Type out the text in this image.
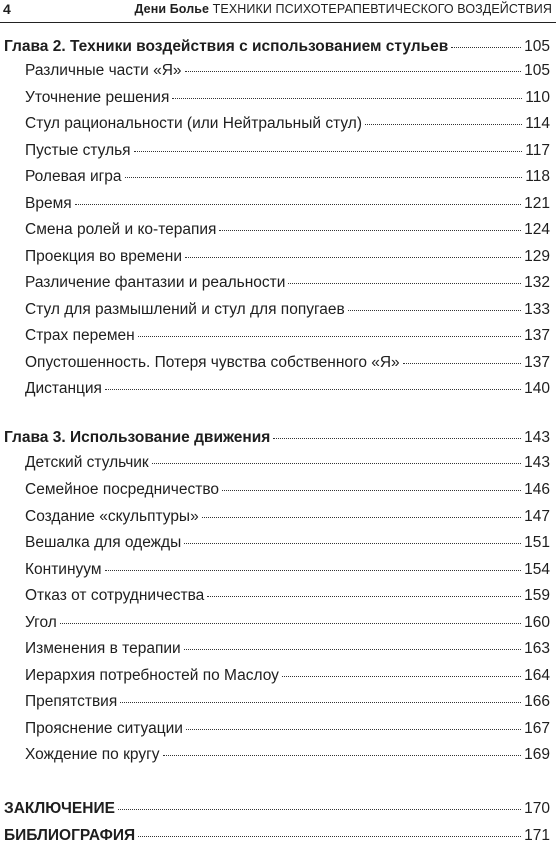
4	Дени Болье ТЕХНИКИ ПСИХОТЕРАПЕВТИЧЕСКОГО ВОЗДЕЙСТВИЯ
Глава 2. Техники воздействия с использованием стульев	105
Различные части «Я»	105
Уточнение решения	110
Стул рациональности (или Нейтральный стул)	114
Пустые стулья	117
Ролевая игра	118
Время	121
Смена ролей и ко-терапия	124
Проекция во времени	129
Различение фантазии и реальности	132
Стул для размышлений и стул для попугаев	133
Страх перемен	137
Опустошенность. Потеря чувства собственного «Я»	137
Дистанция	140
Глава 3. Использование движения	143
Детский стульчик	143
Семейное посредничество	146
Создание «скульптуры»	147
Вешалка для одежды	151
Континуум	154
Отказ от сотрудничества	159
Угол	160
Изменения в терапии	163
Иерархия потребностей по Маслоу	164
Препятствия	166
Прояснение ситуации	167
Хождение по кругу	169
ЗАКЛЮЧЕНИЕ	170
БИБЛИОГРАФИЯ	171
